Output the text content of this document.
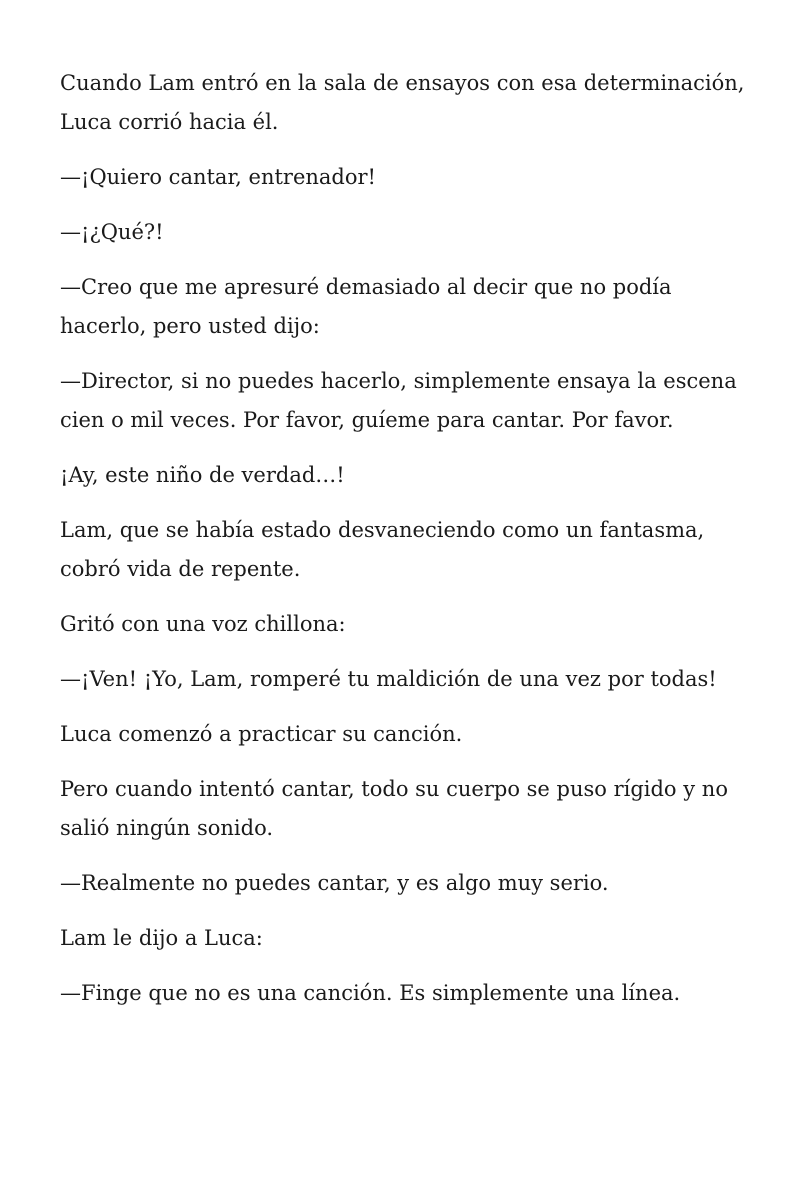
Cuando Lam entró en la sala de ensayos con esa determinación, Luca corrió hacia él.

—¡Quiero cantar, entrenador!

—¡¿Qué?!

—Creo que me apresuré demasiado al decir que no podía hacerlo, pero usted dijo:

—Director, si no puedes hacerlo, simplemente ensaya la escena cien o mil veces. Por favor, guíeme para cantar. Por favor.

¡Ay, este niño de verdad…!

Lam, que se había estado desvaneciendo como un fantasma, cobró vida de repente.

Gritó con una voz chillona:

—¡Ven! ¡Yo, Lam, romperé tu maldición de una vez por todas!

Luca comenzó a practicar su canción.

Pero cuando intentó cantar, todo su cuerpo se puso rígido y no salió ningún sonido.

—Realmente no puedes cantar, y es algo muy serio.

Lam le dijo a Luca:

—Finge que no es una canción. Es simplemente una línea.
